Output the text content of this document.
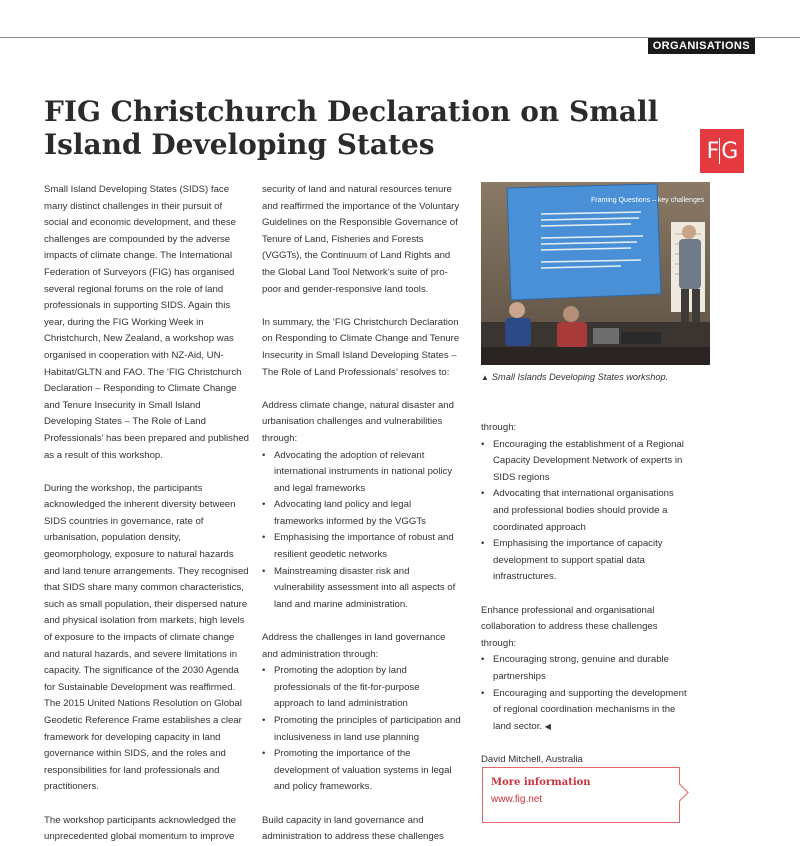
ORGANISATIONS
FIG Christchurch Declaration on Small Island Developing States	F G

Small Island Developing States (SIDS) face many distinct challenges in their pursuit of social and economic development, and these challenges are compounded by the adverse impacts of climate change. The International Federation of Surveyors (FIG) has organised several regional forums on the role of land professionals in supporting SIDS. Again this year, during the FIG Working Week in Christchurch, New Zealand, a workshop was organised in cooperation with NZ-Aid, UN-Habitat/GLTN and FAO. The ‘FIG Christchurch Declaration – Responding to Climate Change and Tenure Insecurity in Small Island Developing States – The Role of Land Professionals’ has been prepared and published as a result of this workshop.

During the workshop, the participants acknowledged the inherent diversity between SIDS countries in governance, rate of urbanisation, population density, geomorphology, exposure to natural hazards and land tenure arrangements. They recognised that SIDS share many common characteristics, such as small population, their dispersed nature and physical isolation from markets, high levels of exposure to the impacts of climate change and natural hazards, and severe limitations in capacity. The significance of the 2030 Agenda for Sustainable Development was reaffirmed. The 2015 United Nations Resolution on Global Geodetic Reference Frame establishes a clear framework for developing capacity in land governance within SIDS, and the roles and responsibilities for land professionals and practitioners.

The workshop participants acknowledged the unprecedented global momentum to improve

security of land and natural resources tenure and reaffirmed the importance of the Voluntary Guidelines on the Responsible Governance of Tenure of Land, Fisheries and Forests (VGGTs), the Continuum of Land Rights and the Global Land Tool Network’s suite of pro-poor and gender-responsive land tools.

In summary, the ‘FIG Christchurch Declaration on Responding to Climate Change and Tenure Insecurity in Small Island Developing States – The Role of Land Professionals’ resolves to:

Address climate change, natural disaster and urbanisation challenges and vulnerabilities through:

• Advocating the adoption of relevant international instruments in national policy and legal frameworks
• Advocating land policy and legal frameworks informed by the VGGTs
• Emphasising the importance of robust and resilient geodetic networks
• Mainstreaming disaster risk and vulnerability assessment into all aspects of land and marine administration.

Address the challenges in land governance and administration through:

• Promoting the adoption by land professionals of the fit-for-purpose approach to land administration
• Promoting the principles of participation and inclusiveness in land use planning
• Promoting the importance of the development of valuation systems in legal and policy frameworks.

Build capacity in land governance and administration to address these challenges

Framing Questions – key challenges
▲ Small Islands Developing States workshop.

through:

• Encouraging the establishment of a Regional Capacity Development Network of experts in SIDS regions
• Advocating that international organisations and professional bodies should provide a coordinated approach
• Emphasising the importance of capacity development to support spatial data infrastructures.

Enhance professional and organisational collaboration to address these challenges through:

• Encouraging strong, genuine and durable partnerships
• Encouraging and supporting the development of regional coordination mechanisms in the land sector. ◀

David Mitchell, Australia

More information
www.fig.net
